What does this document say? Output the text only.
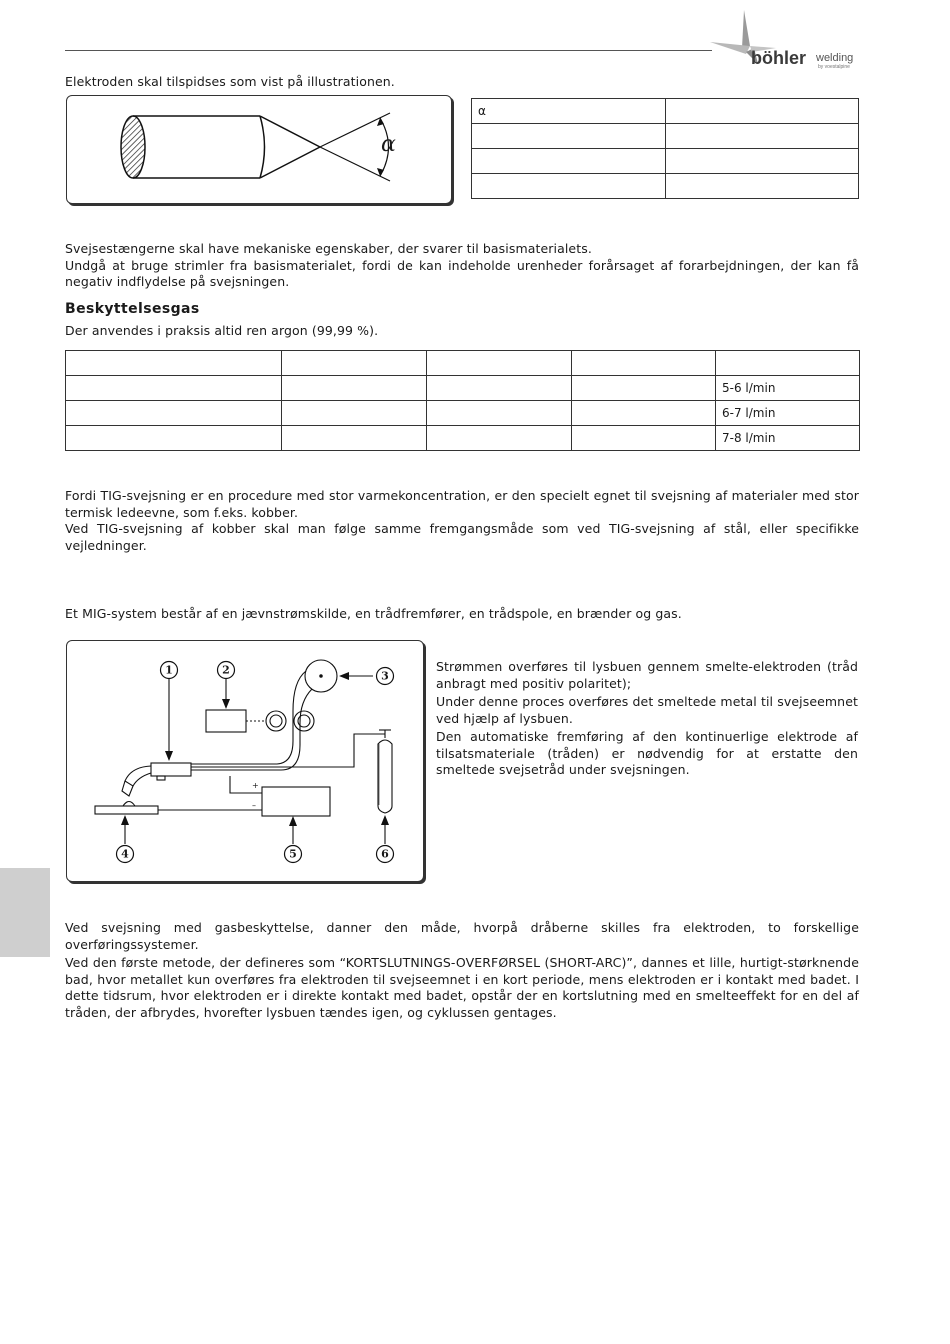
böhler welding
by voestalpine
Elektroden skal tilspidses som vist på illustrationen.
α
α	

Svejsestængerne skal have mekaniske egenskaber, der svarer til basismaterialets.
Undgå at bruge strimler fra basismaterialet, fordi de kan indeholde urenheder forårsaget af forarbejdningen, der kan få negativ indflydelse på svejsningen.
Beskyttelsesgas
Der anvendes i praksis altid ren argon (99,99 %).

				5-6 l/min
				6-7 l/min
				7-8 l/min
Fordi TIG-svejsning er en procedure med stor varmekoncentration, er den specielt egnet til svejsning af materialer med stor termisk ledeevne, som f.eks. kobber.
Ved TIG-svejsning af kobber skal man følge samme fremgangsmåde som ved TIG-svejsning af stål, eller specifikke vejledninger.
Et MIG-system består af en jævnstrømskilde, en trådfremfører, en trådspole, en brænder og gas.
1	2	3
4	5	6
+
–
Strømmen overføres til lysbuen gennem smelte-elektroden (tråd anbragt med positiv polaritet);
Under denne proces overføres det smeltede metal til svejseemnet ved hjælp af lysbuen.
Den automatiske fremføring af den kontinuerlige elektrode af tilsatsmateriale (tråden) er nødvendig for at erstatte den smeltede svejsetråd under svejsningen.
Ved svejsning med gasbeskyttelse, danner den måde, hvorpå dråberne skilles fra elektroden, to forskellige overføringssystemer.
Ved den første metode, der defineres som “KORTSLUTNINGS-OVERFØRSEL (SHORT-ARC)”, dannes et lille, hurtigt-størknende bad, hvor metallet kun overføres fra elektroden til svejseemnet i en kort periode, mens elektroden er i kontakt med badet. I dette tidsrum, hvor elektroden er i direkte kontakt med badet, opstår der en kortslutning med en smelteeffekt for en del af tråden, der afbrydes, hvorefter lysbuen tændes igen, og cyklussen gentages.
